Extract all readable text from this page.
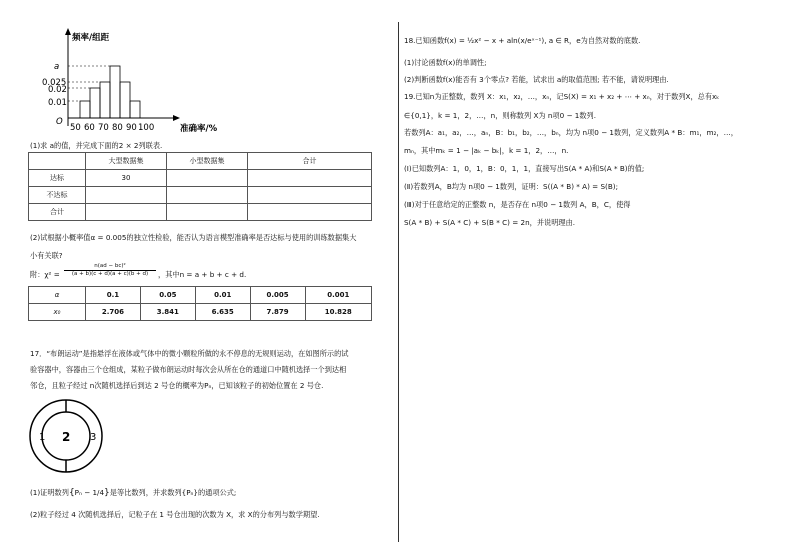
频率/组距
准确率/%
a
0.025
0.02
0.01
O
50 60 70 80 90 100
(1)求 a的值，并完成下面的2 × 2列联表.
	大型数据集	小型数据集	合计
达标	30		
不达标			
合计			
(2)试根据小概率值α = 0.005的独立性检验，能否认为语言模型准确率是否达标与使用的训练数据集大
小有关联?
附：$\chi^2 = \frac{\text{n(ad − bc)²}}{(a + b)(c + d)(a + c)(b + d)}$ ，其中n = a + b + c + d.
α	0.1	0.05	0.01	0.005	0.001
x₀	2.706	3.841	6.635	7.879	10.828
17．“布朗运动”是指悬浮在液体或气体中的微小颗粒所做的永不停息的无规则运动，在如图所示的试
验容器中，容器由三个仓组成，某粒子做布朗运动时每次会从所在仓的通道口中随机选择一个到达相
邻仓，且粒子经过 n次随机选择后到达 2 号仓的概率为Pₙ，已知该粒子的初始位置在 2 号仓.
1 2 3
(1)证明数列{Pₙ − 1/4}是等比数列，并求数列{Pₙ}的通项公式;
(2)粒子经过 4 次随机选择后，记粒子在 1 号仓出现的次数为 X，求 X的分布列与数学期望.
18.已知函数f(x) = ½x² − x + aln(x/eˣ⁻¹), a ∈ R，e为自然对数的底数.
(1)讨论函数f(x)的单调性;
(2)判断函数f(x)能否有 3个零点? 若能，试求出 a的取值范围; 若不能，请说明理由.
19.已知n为正整数，数列 X：x₁，x₂，…，xₙ，记S(X) = x₁ + x₂ + ⋯ + xₙ，对于数列X，总有xₖ
∈{0,1}，k = 1，2，…，n，则称数列 X为 n项0 − 1数列.
若数列A：a₁，a₂，…，aₙ，B：b₁，b₂，…，bₙ，均为 n项0 − 1数列，定义数列A * B：m₁，m₂，…，
mₙ，其中mₖ = 1 − |aₖ − bₖ|，k = 1，2，…，n.
(Ⅰ)已知数列A：1，0，1，B：0，1，1，直接写出S(A * A)和S(A * B)的值;
(Ⅱ)若数列A，B均为 n项0 − 1数列，证明：S((A * B) * A) = S(B);
(Ⅲ)对于任意给定的正整数 n，是否存在 n项0 − 1数列 A，B，C，使得
S(A * B) + S(A * C) + S(B * C) = 2n，并说明理由.
